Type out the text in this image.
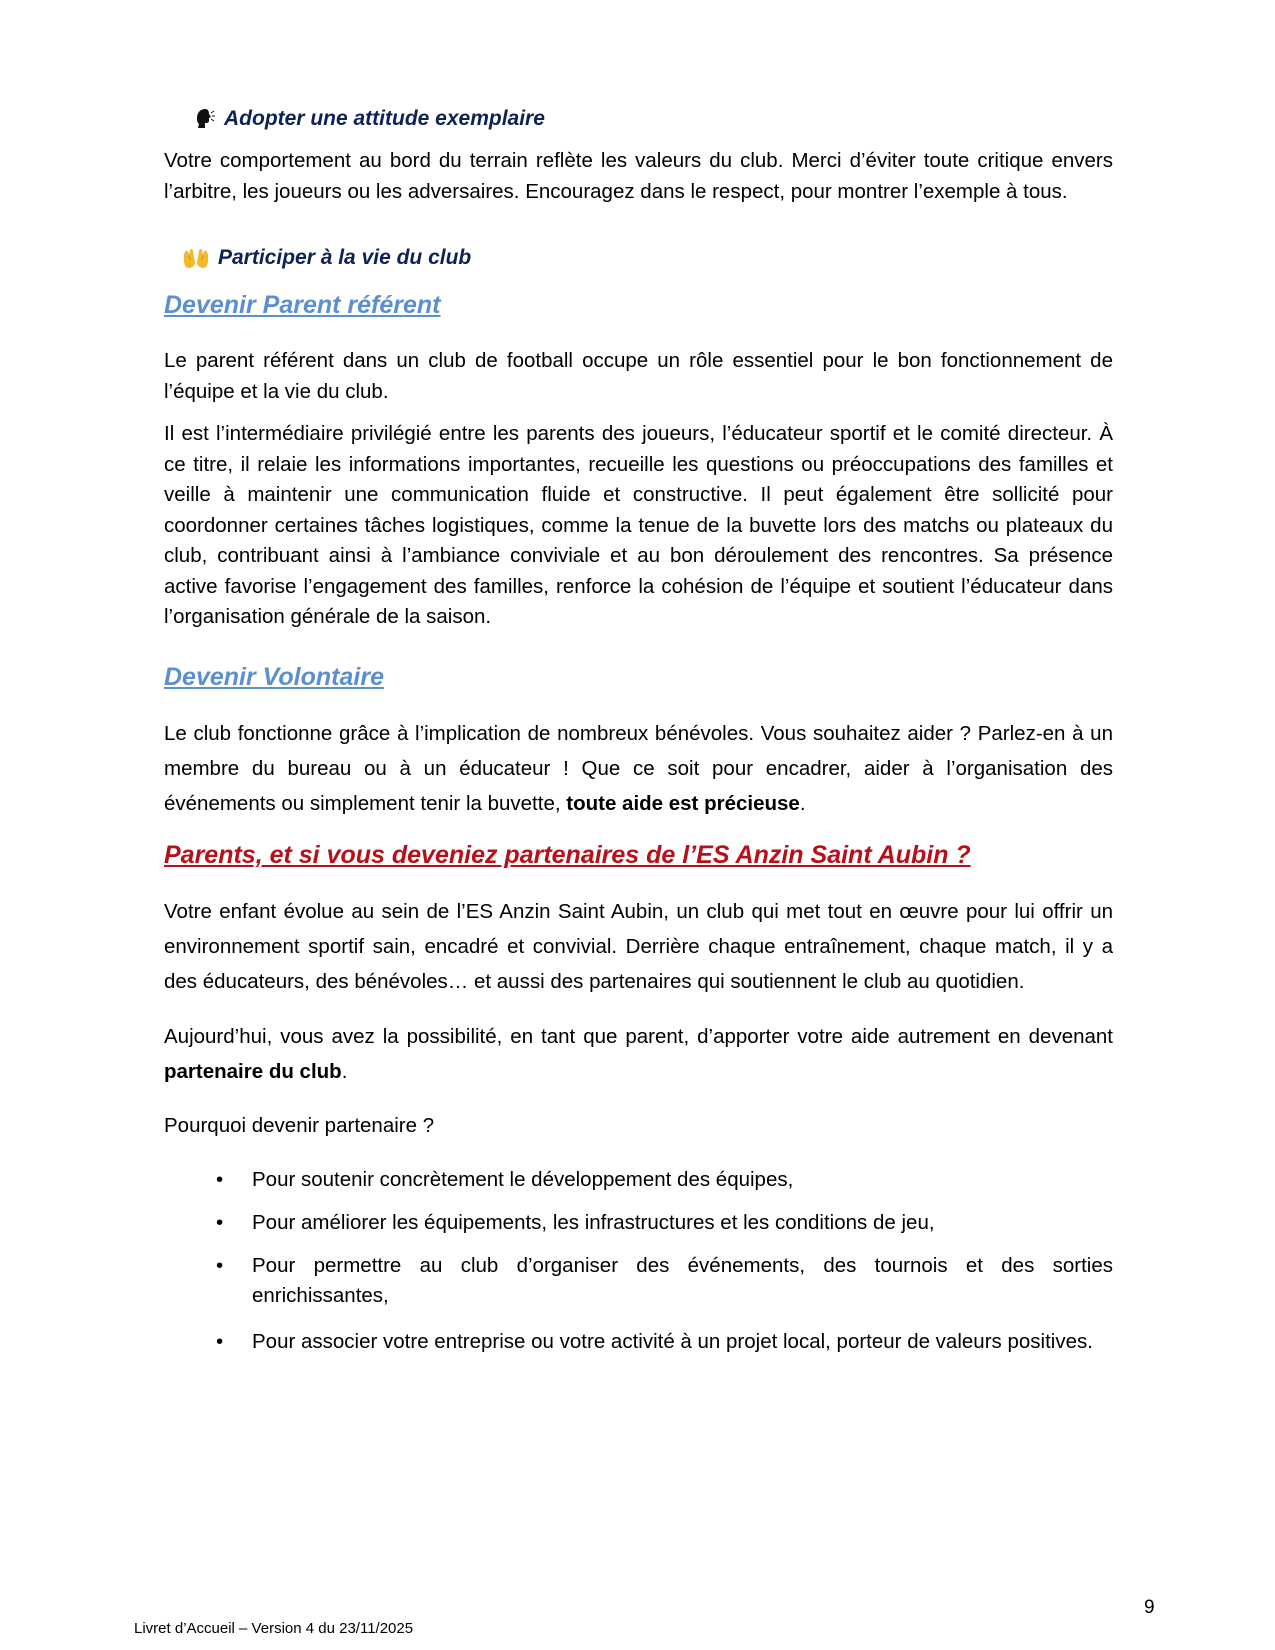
Adopter une attitude exemplaire

Votre comportement au bord du terrain reflète les valeurs du club. Merci d’éviter toute critique envers l’arbitre, les joueurs ou les adversaires. Encouragez dans le respect, pour montrer l’exemple à tous.

Participer à la vie du club
Devenir Parent référent

Le parent référent dans un club de football occupe un rôle essentiel pour le bon fonctionnement de l’équipe et la vie du club.

Il est l’intermédiaire privilégié entre les parents des joueurs, l’éducateur sportif et le comité directeur. À ce titre, il relaie les informations importantes, recueille les questions ou préoccupations des familles et veille à maintenir une communication fluide et constructive. Il peut également être sollicité pour coordonner certaines tâches logistiques, comme la tenue de la buvette lors des matchs ou plateaux du club, contribuant ainsi à l’ambiance conviviale et au bon déroulement des rencontres. Sa présence active favorise l’engagement des familles, renforce la cohésion de l’équipe et soutient l’éducateur dans l’organisation générale de la saison.

Devenir Volontaire

Le club fonctionne grâce à l’implication de nombreux bénévoles. Vous souhaitez aider ? Parlez-en à un membre du bureau ou à un éducateur ! Que ce soit pour encadrer, aider à l’organisation des événements ou simplement tenir la buvette, toute aide est précieuse.

Parents, et si vous deveniez partenaires de l’ES Anzin Saint Aubin ?

Votre enfant évolue au sein de l’ES Anzin Saint Aubin, un club qui met tout en œuvre pour lui offrir un environnement sportif sain, encadré et convivial. Derrière chaque entraînement, chaque match, il y a des éducateurs, des bénévoles… et aussi des partenaires qui soutiennent le club au quotidien.

Aujourd’hui, vous avez la possibilité, en tant que parent, d’apporter votre aide autrement en devenant partenaire du club.

Pourquoi devenir partenaire ?

• Pour soutenir concrètement le développement des équipes,
• Pour améliorer les équipements, les infrastructures et les conditions de jeu,
• Pour permettre au club d’organiser des événements, des tournois et des sorties enrichissantes,
• Pour associer votre entreprise ou votre activité à un projet local, porteur de valeurs positives.
9
Livret d’Accueil – Version 4 du 23/11/2025
